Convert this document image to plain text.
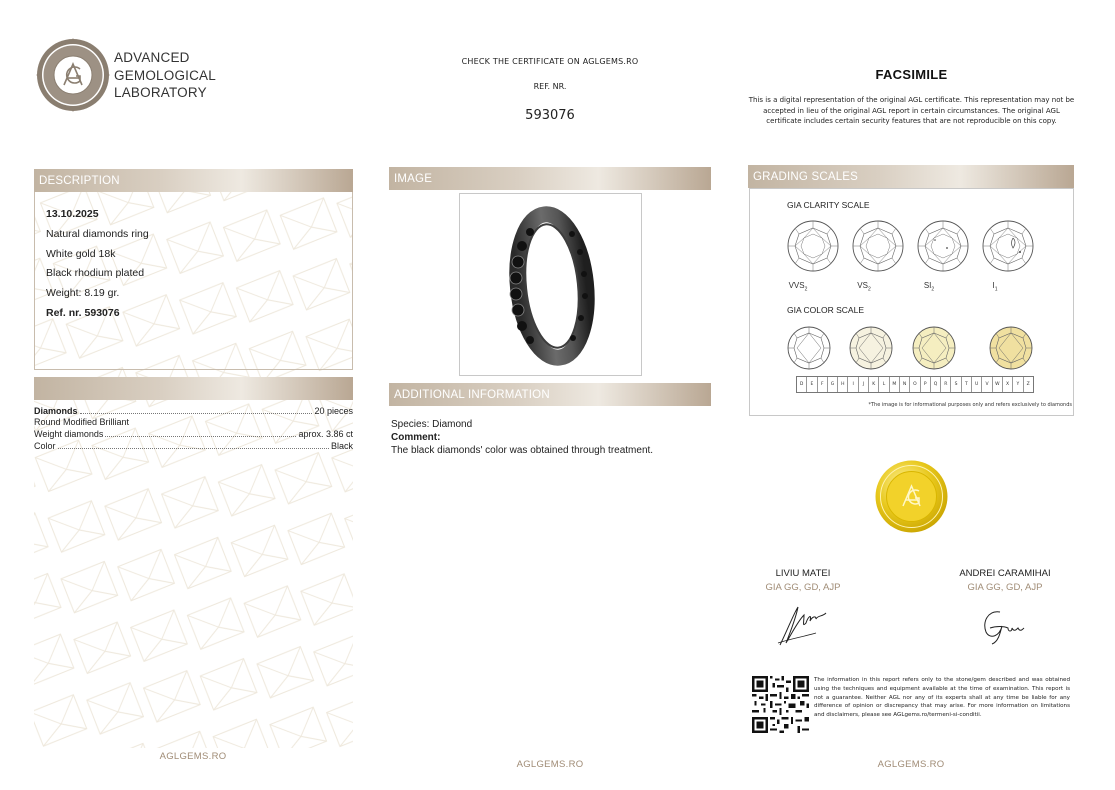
ADVANCED
GEMOLOGICAL
LABORATORY
CHECK THE CERTIFICATE ON AGLGEMS.RO
REF. NR.
593076
FACSIMILE
This is a digital representation of the original AGL certificate. This representation may not be accepted in lieu of the original AGL report in certain circumstances. The original AGL certificate includes certain security features that are not reproducible on this copy.
DESCRIPTION
13.10.2025
Natural diamonds ring
White gold 18k
Black rhodium plated
Weight: 8.19 gr.
Ref. nr. 593076
Diamonds	20 pieces
Round Modified Brilliant
Weight diamonds	aprox. 3.86 ct
Color	Black
AGLGEMS.RO
IMAGE
ADDITIONAL INFORMATION
Species: Diamond
Comment:
The black diamonds' color was obtained through treatment.
AGLGEMS.RO
GRADING SCALES
GIA CLARITY SCALE
$VVS_2$	$VS_2$	$SI_2$	$I_1$
GIA COLOR SCALE
D	E	F	G	H	I	J	K	L	M	N	O	P	Q	R	S	T	U	V	W	X	Y	Z
*The image is for informational purposes only and refers exclusively to diamonds
LIVIU MATEI
GIA GG, GD, AJP
ANDREI CARAMIHAI
GIA GG, GD, AJP
The information in this report refers only to the stone/gem described and was obtained using the techniques and equipment available at the time of examination. This report is not a guarantee. Neither AGL nor any of its experts shall at any time be liable for any difference of opinion or discrepancy that may arise. For more information on limitations and disclaimers, please see AGLgems.ro/termeni-si-conditii.
AGLGEMS.RO
